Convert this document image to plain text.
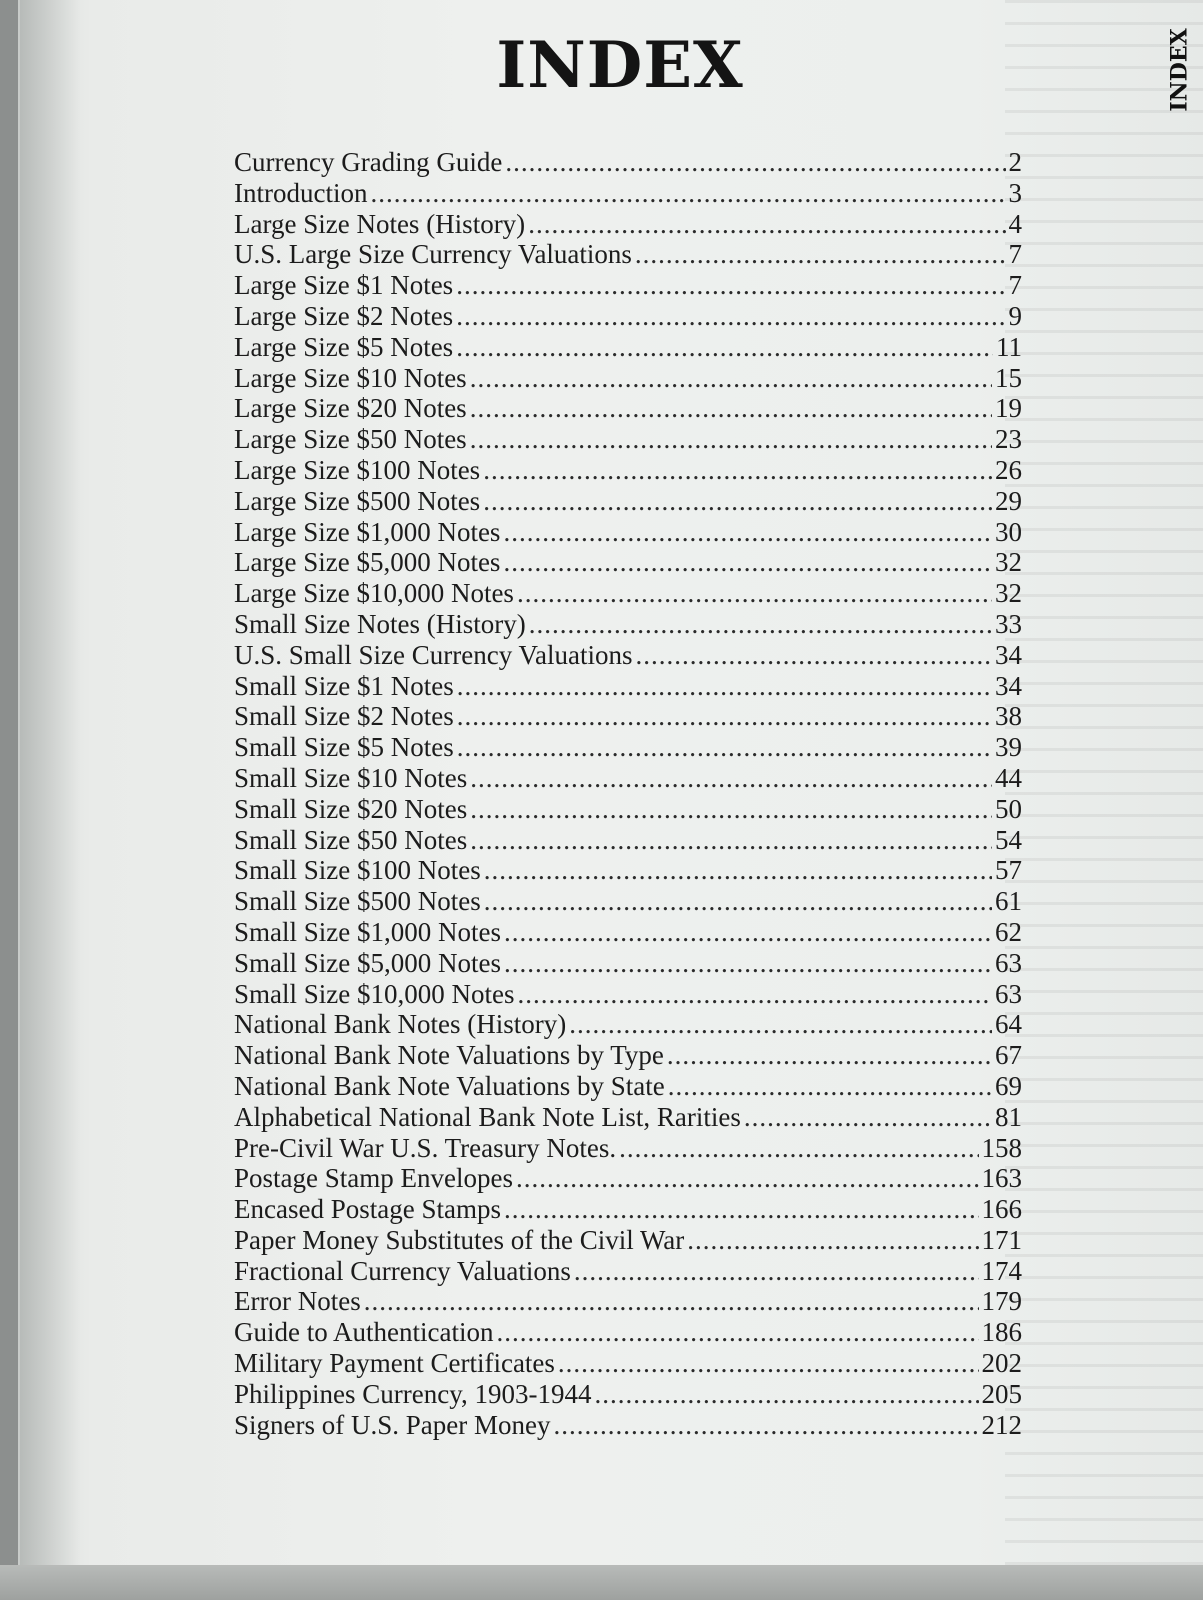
INDEX	INDEX
Currency Grading Guide .....	2
Introduction .....	3
Large Size Notes (History) .....	4
U.S. Large Size Currency Valuations .....	7
Large Size $1 Notes .....	7
Large Size $2 Notes .....	9
Large Size $5 Notes .....	11
Large Size $10 Notes .....	15
Large Size $20 Notes .....	19
Large Size $50 Notes .....	23
Large Size $100 Notes .....	26
Large Size $500 Notes .....	29
Large Size $1,000 Notes .....	30
Large Size $5,000 Notes .....	32
Large Size $10,000 Notes .....	32
Small Size Notes (History) .....	33
U.S. Small Size Currency Valuations .....	34
Small Size $1 Notes .....	34
Small Size $2 Notes .....	38
Small Size $5 Notes .....	39
Small Size $10 Notes .....	44
Small Size $20 Notes .....	50
Small Size $50 Notes .....	54
Small Size $100 Notes .....	57
Small Size $500 Notes .....	61
Small Size $1,000 Notes .....	62
Small Size $5,000 Notes .....	63
Small Size $10,000 Notes .....	63
National Bank Notes (History) .....	64
National Bank Note Valuations by Type .....	67
National Bank Note Valuations by State .....	69
Alphabetical National Bank Note List, Rarities .....	81
Pre-Civil War U.S. Treasury Notes. .....	158
Postage Stamp Envelopes .....	163
Encased Postage Stamps .....	166
Paper Money Substitutes of the Civil War .....	171
Fractional Currency Valuations .....	174
Error Notes .....	179
Guide to Authentication .....	186
Military Payment Certificates .....	202
Philippines Currency, 1903-1944 .....	205
Signers of U.S. Paper Money .....	212
